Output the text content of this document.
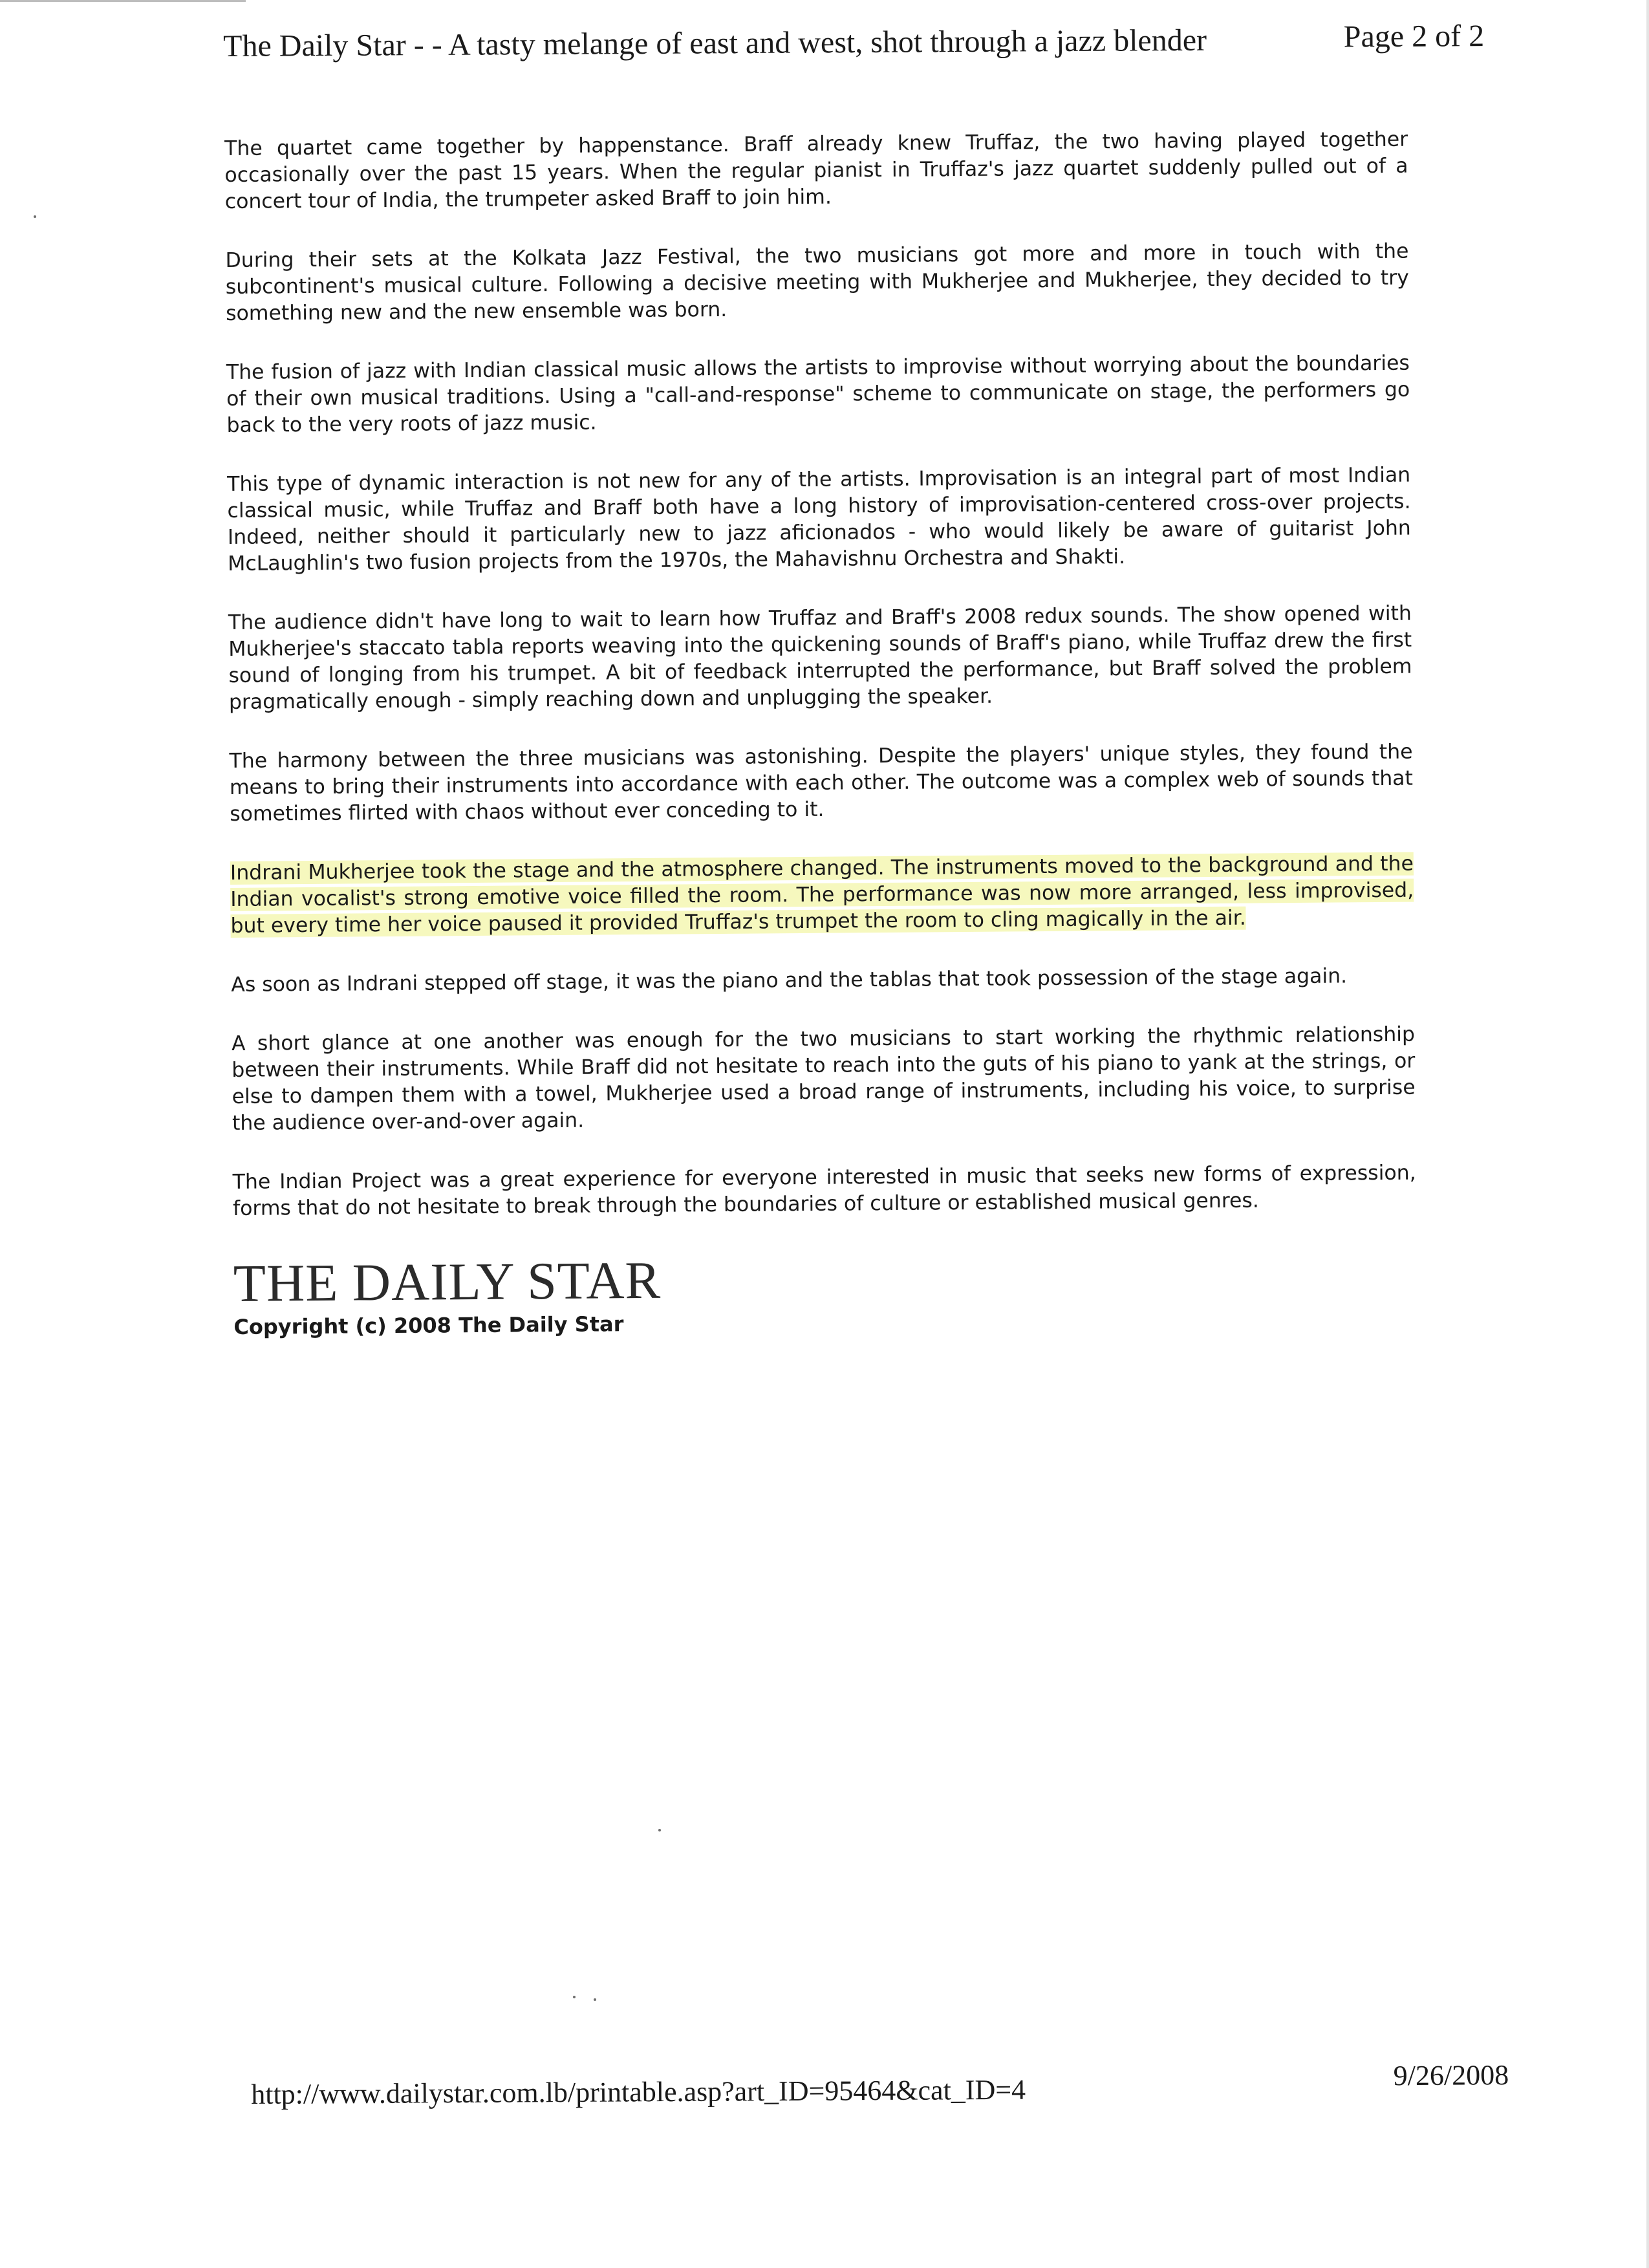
The Daily Star - - A tasty melange of east and west, shot through a jazz blender	Page 2 of 2

The quartet came together by happenstance. Braff already knew Truffaz, the two having played together occasionally over the past 15 years. When the regular pianist in Truffaz's jazz quartet suddenly pulled out of a concert tour of India, the trumpeter asked Braff to join him.

During their sets at the Kolkata Jazz Festival, the two musicians got more and more in touch with the subcontinent's musical culture. Following a decisive meeting with Mukherjee and Mukherjee, they decided to try something new and the new ensemble was born.

The fusion of jazz with Indian classical music allows the artists to improvise without worrying about the boundaries of their own musical traditions. Using a "call-and-response" scheme to communicate on stage, the performers go back to the very roots of jazz music.

This type of dynamic interaction is not new for any of the artists. Improvisation is an integral part of most Indian classical music, while Truffaz and Braff both have a long history of improvisation-centered cross-over projects. Indeed, neither should it particularly new to jazz aficionados - who would likely be aware of guitarist John McLaughlin's two fusion projects from the 1970s, the Mahavishnu Orchestra and Shakti.

The audience didn't have long to wait to learn how Truffaz and Braff's 2008 redux sounds. The show opened with Mukherjee's staccato tabla reports weaving into the quickening sounds of Braff's piano, while Truffaz drew the first sound of longing from his trumpet. A bit of feedback interrupted the performance, but Braff solved the problem pragmatically enough - simply reaching down and unplugging the speaker.

The harmony between the three musicians was astonishing. Despite the players' unique styles, they found the means to bring their instruments into accordance with each other. The outcome was a complex web of sounds that sometimes flirted with chaos without ever conceding to it.

Indrani Mukherjee took the stage and the atmosphere changed. The instruments moved to the background and the Indian vocalist's strong emotive voice filled the room. The performance was now more arranged, less improvised, but every time her voice paused it provided Truffaz's trumpet the room to cling magically in the air.

As soon as Indrani stepped off stage, it was the piano and the tablas that took possession of the stage again.

A short glance at one another was enough for the two musicians to start working the rhythmic relationship between their instruments. While Braff did not hesitate to reach into the guts of his piano to yank at the strings, or else to dampen them with a towel, Mukherjee used a broad range of instruments, including his voice, to surprise the audience over-and-over again.

The Indian Project was a great experience for everyone interested in music that seeks new forms of expression, forms that do not hesitate to break through the boundaries of culture or established musical genres.

THE DAILY STAR
Copyright (c) 2008 The Daily Star
http://www.dailystar.com.lb/printable.asp?art_ID=95464&cat_ID=4	9/26/2008
